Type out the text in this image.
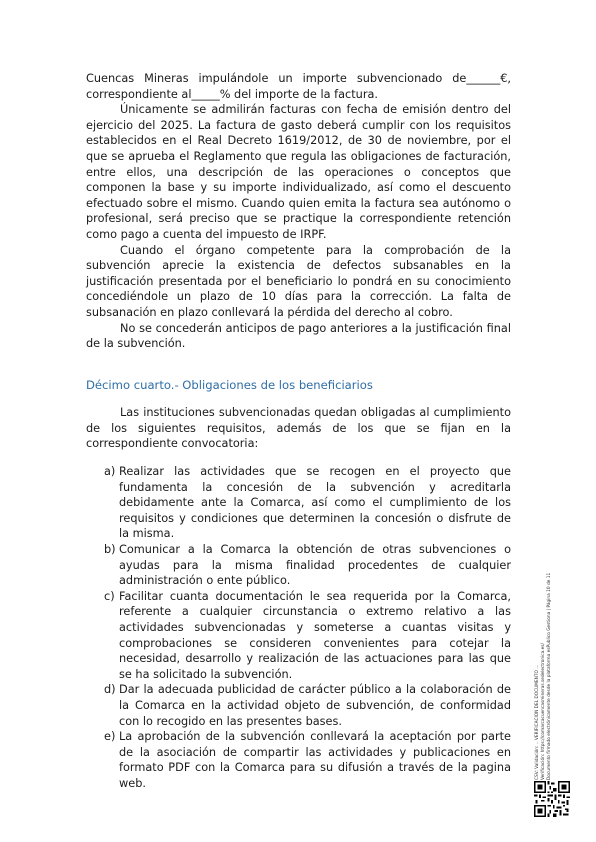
Cuencas Mineras impulándole un importe subvencionado de______€, correspondiente al_____% del importe de la factura.

Únicamente se admilirán facturas con fecha de emisión dentro del ejercicio del 2025. La factura de gasto deberá cumplir con los requisitos establecidos en el Real Decreto 1619/2012, de 30 de noviembre, por el que se aprueba el Reglamento que regula las obligaciones de facturación, entre ellos, una descripción de las operaciones o conceptos que componen la base y su importe individualizado, así como el descuento efectuado sobre el mismo. Cuando quien emita la factura sea autónomo o profesional, será preciso que se practique la correspondiente retención como pago a cuenta del impuesto de IRPF.

Cuando el órgano competente para la comprobación de la subvención aprecie la existencia de defectos subsanables en la justificación presentada por el beneficiario lo pondrá en su conocimiento concediéndole un plazo de 10 días para la corrección. La falta de subsanación en plazo conllevará la pérdida del derecho al cobro.

No se concederán anticipos de pago anteriores a la justificación final de la subvención.

Décimo cuarto.- Obligaciones de los beneficiarios

Las instituciones subvencionadas quedan obligadas al cumplimiento de los siguientes requisitos, además de los que se fijan en la correspondiente convocatoria:

a) Realizar las actividades que se recogen en el proyecto que fundamenta la concesión de la subvención y acreditarla debidamente ante la Comarca, así como el cumplimiento de los requisitos y condiciones que determinen la concesión o disfrute de la misma.

b) Comunicar a la Comarca la obtención de otras subvenciones o ayudas para la misma finalidad procedentes de cualquier administración o ente público.

c) Facilitar cuanta documentación le sea requerida por la Comarca, referente a cualquier circunstancia o extremo relativo a las actividades subvencionadas y someterse a cuantas visitas y comprobaciones se consideren convenientes para cotejar la necesidad, desarrollo y realización de las actuaciones para las que se ha solicitado la subvención.

d) Dar la adecuada publicidad de carácter público a la colaboración de la Comarca en la actividad objeto de subvención, de conformidad con lo recogido en las presentes bases.

e) La aprobación de la subvención conllevará la aceptación por parte de la asociación de compartir las actividades y publicaciones en formato PDF con la Comarca para su difusión a través de la pagina web.

CSV: Validación: .. VERIFICACION DEL DOCUMENTO ... Verificación: https://comarcacuencasmineras.sedelectronica.es/ Documento firmado electrónicamente desde la plataforma esPublico Gestiona | Página 10 de 11
